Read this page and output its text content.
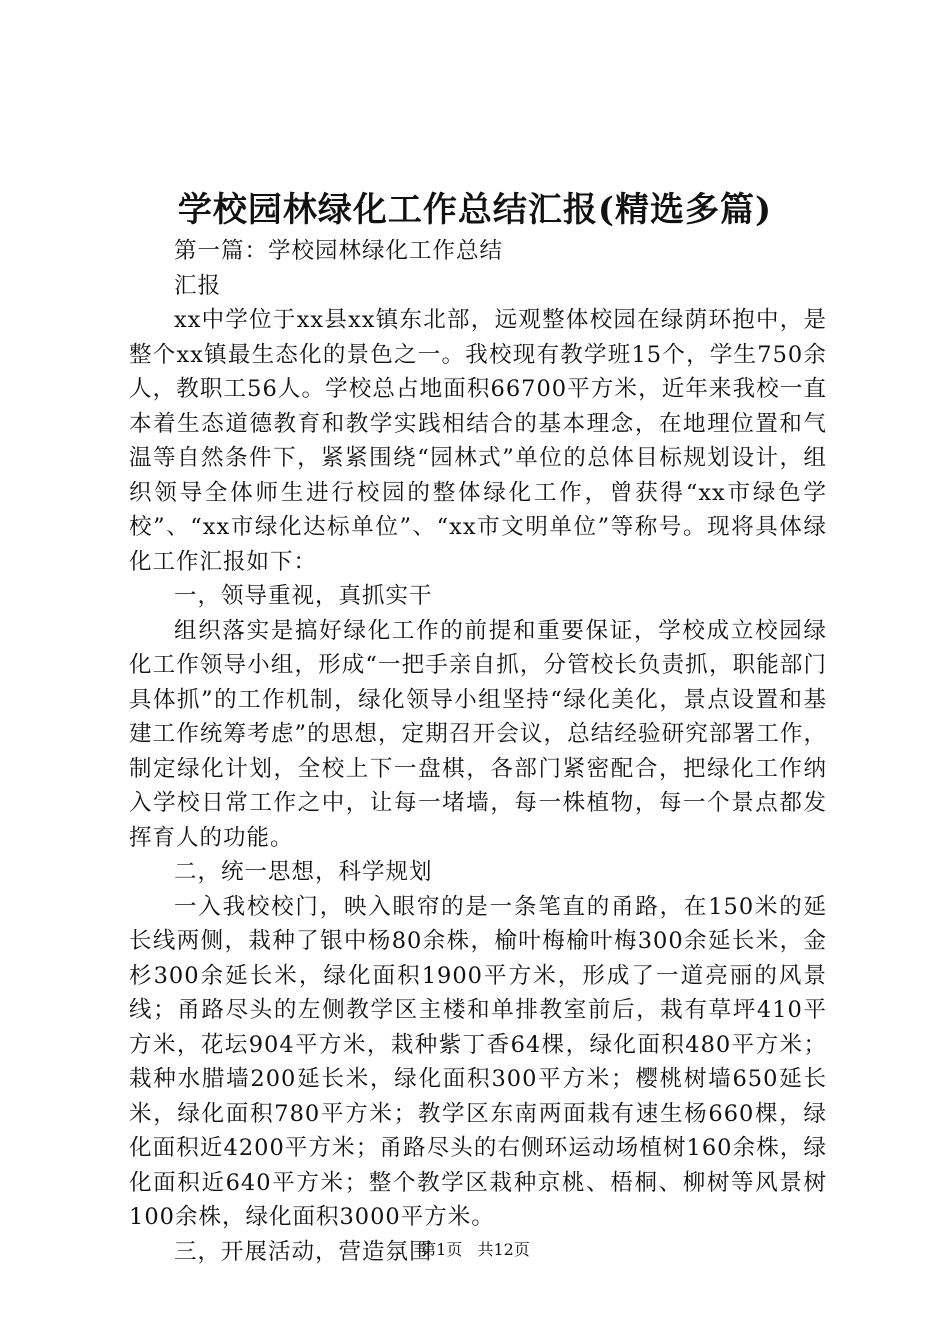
学校园林绿化工作总结汇报(精选多篇)

第一篇：学校园林绿化工作总结

汇报

xx中学位于xx县xx镇东北部，远观整体校园在绿荫环抱中，是整个xx镇最生态化的景色之一。我校现有教学班15个，学生750余人，教职工56人。学校总占地面积66700平方米，近年来我校一直本着生态道德教育和教学实践相结合的基本理念，在地理位置和气温等自然条件下，紧紧围绕“园林式”单位的总体目标规划设计，组织领导全体师生进行校园的整体绿化工作，曾获得“xx市绿色学校”、“xx市绿化达标单位”、“xx市文明单位”等称号。现将具体绿化工作汇报如下：

一，领导重视，真抓实干

组织落实是搞好绿化工作的前提和重要保证，学校成立校园绿化工作领导小组，形成“一把手亲自抓，分管校长负责抓，职能部门具体抓”的工作机制，绿化领导小组坚持“绿化美化，景点设置和基建工作统筹考虑”的思想，定期召开会议，总结经验研究部署工作，制定绿化计划，全校上下一盘棋，各部门紧密配合，把绿化工作纳入学校日常工作之中，让每一堵墙，每一株植物，每一个景点都发挥育人的功能。

二，统一思想，科学规划

一入我校校门，映入眼帘的是一条笔直的甬路，在150米的延长线两侧，栽种了银中杨80余株，榆叶梅榆叶梅300余延长米，金杉300余延长米，绿化面积1900平方米，形成了一道亮丽的风景线；甬路尽头的左侧教学区主楼和单排教室前后，栽有草坪410平方米，花坛904平方米，栽种紫丁香64棵，绿化面积480平方米；栽种水腊墙200延长米，绿化面积300平方米；樱桃树墙650延长米，绿化面积780平方米；教学区东南两面栽有速生杨660棵，绿化面积近4200平方米；甬路尽头的右侧环运动场植树160余株，绿化面积近640平方米；整个教学区栽种京桃、梧桐、柳树等风景树100余株，绿化面积3000平方米。

三，开展活动，营造氛围

第1页 共12页
